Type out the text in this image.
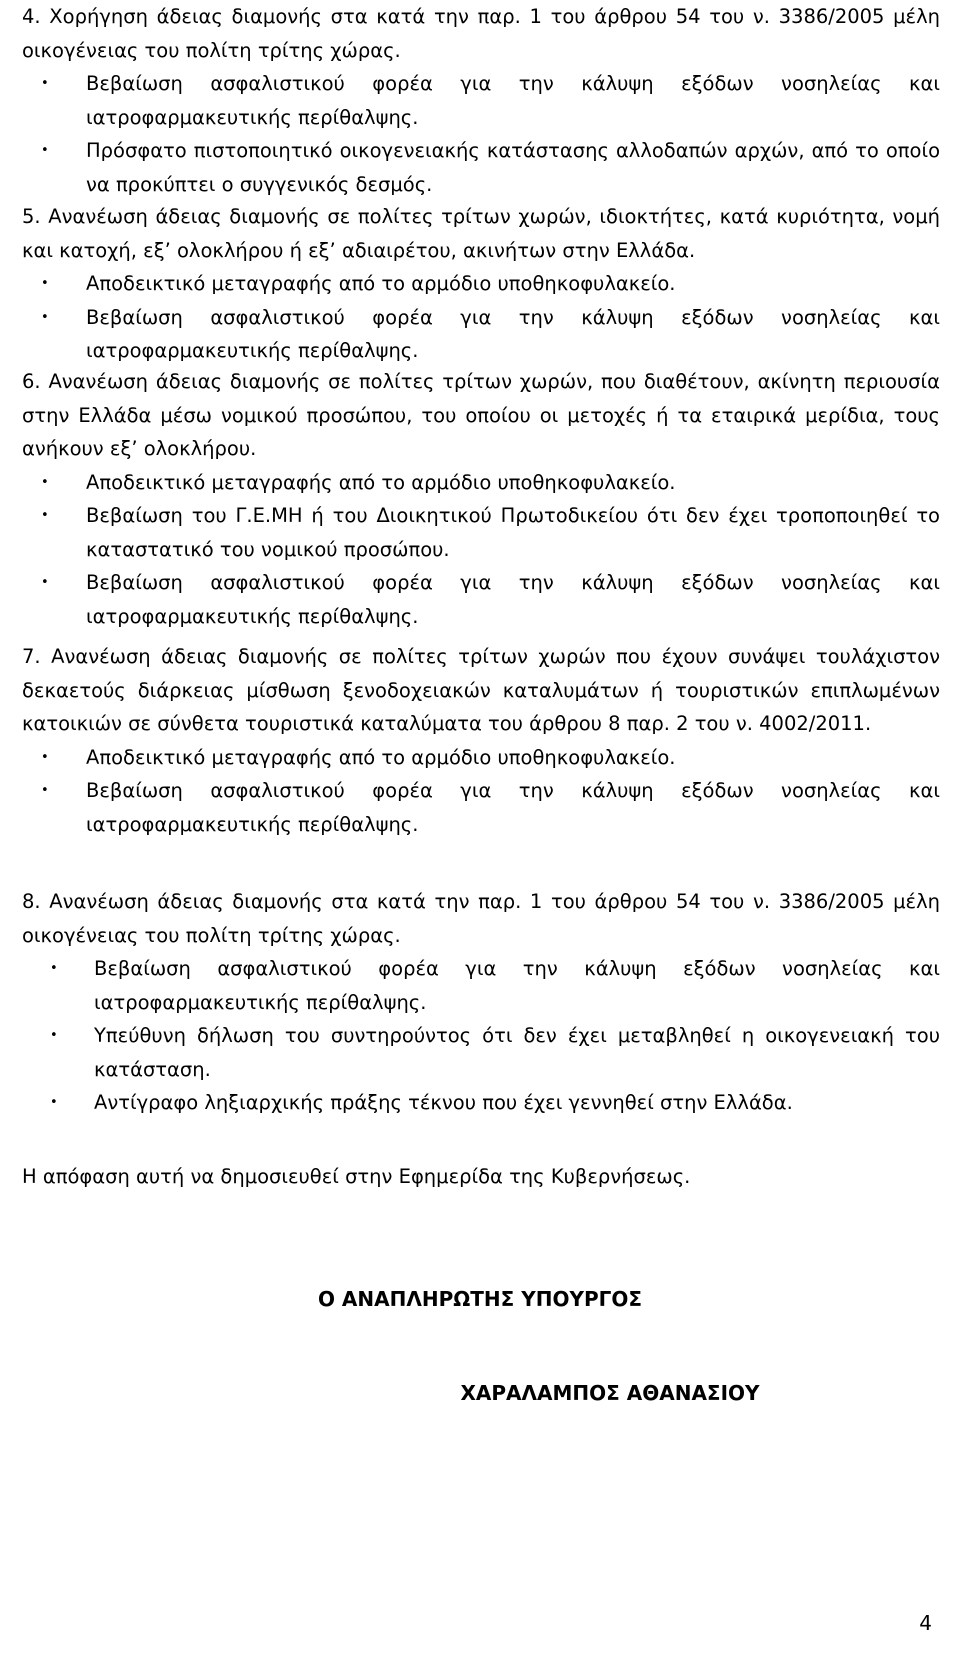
4. Χορήγηση άδειας διαμονής στα κατά την παρ. 1 του άρθρου 54 του ν. 3386/2005 μέλη οικογένειας του πολίτη τρίτης χώρας.

• Βεβαίωση ασφαλιστικού φορέα για την κάλυψη εξόδων νοσηλείας και ιατροφαρμακευτικής περίθαλψης.
• Πρόσφατο πιστοποιητικό οικογενειακής κατάστασης αλλοδαπών αρχών, από το οποίο να προκύπτει ο συγγενικός δεσμός.

5. Ανανέωση άδειας διαμονής σε πολίτες τρίτων χωρών, ιδιοκτήτες, κατά κυριότητα, νομή και κατοχή, εξ’ ολοκλήρου ή εξ’ αδιαιρέτου, ακινήτων στην Ελλάδα.

• Αποδεικτικό μεταγραφής από το αρμόδιο υποθηκοφυλακείο.
• Βεβαίωση ασφαλιστικού φορέα για την κάλυψη εξόδων νοσηλείας και ιατροφαρμακευτικής περίθαλψης.

6. Ανανέωση άδειας διαμονής σε πολίτες τρίτων χωρών, που διαθέτουν, ακίνητη περιουσία στην Ελλάδα μέσω νομικού προσώπου, του οποίου οι μετοχές ή τα εταιρικά μερίδια, τους ανήκουν εξ’ ολοκλήρου.

• Αποδεικτικό μεταγραφής από το αρμόδιο υποθηκοφυλακείο.
• Βεβαίωση του Γ.Ε.ΜΗ ή του Διοικητικού Πρωτοδικείου ότι δεν έχει τροποποιηθεί το καταστατικό του νομικού προσώπου.
• Βεβαίωση ασφαλιστικού φορέα για την κάλυψη εξόδων νοσηλείας και ιατροφαρμακευτικής περίθαλψης.

7. Ανανέωση άδειας διαμονής σε πολίτες τρίτων χωρών που έχουν συνάψει τουλάχιστον δεκαετούς διάρκειας μίσθωση ξενοδοχειακών καταλυμάτων ή τουριστικών επιπλωμένων κατοικιών σε σύνθετα τουριστικά καταλύματα του άρθρου 8 παρ. 2 του ν. 4002/2011.

• Αποδεικτικό μεταγραφής από το αρμόδιο υποθηκοφυλακείο.
• Βεβαίωση ασφαλιστικού φορέα για την κάλυψη εξόδων νοσηλείας και ιατροφαρμακευτικής περίθαλψης.

8. Ανανέωση άδειας διαμονής στα κατά την παρ. 1 του άρθρου 54 του ν. 3386/2005 μέλη οικογένειας του πολίτη τρίτης χώρας.

• Βεβαίωση ασφαλιστικού φορέα για την κάλυψη εξόδων νοσηλείας και ιατροφαρμακευτικής περίθαλψης.
• Υπεύθυνη δήλωση του συντηρούντος ότι δεν έχει μεταβληθεί η οικογενειακή του κατάσταση.
• Αντίγραφο ληξιαρχικής πράξης τέκνου που έχει γεννηθεί στην Ελλάδα.

Η απόφαση αυτή να δημοσιευθεί στην Εφημερίδα της Κυβερνήσεως.

Ο ΑΝΑΠΛΗΡΩΤΗΣ ΥΠΟΥΡΓΟΣ
ΧΑΡΑΛΑΜΠΟΣ ΑΘΑΝΑΣΙΟΥ
4
